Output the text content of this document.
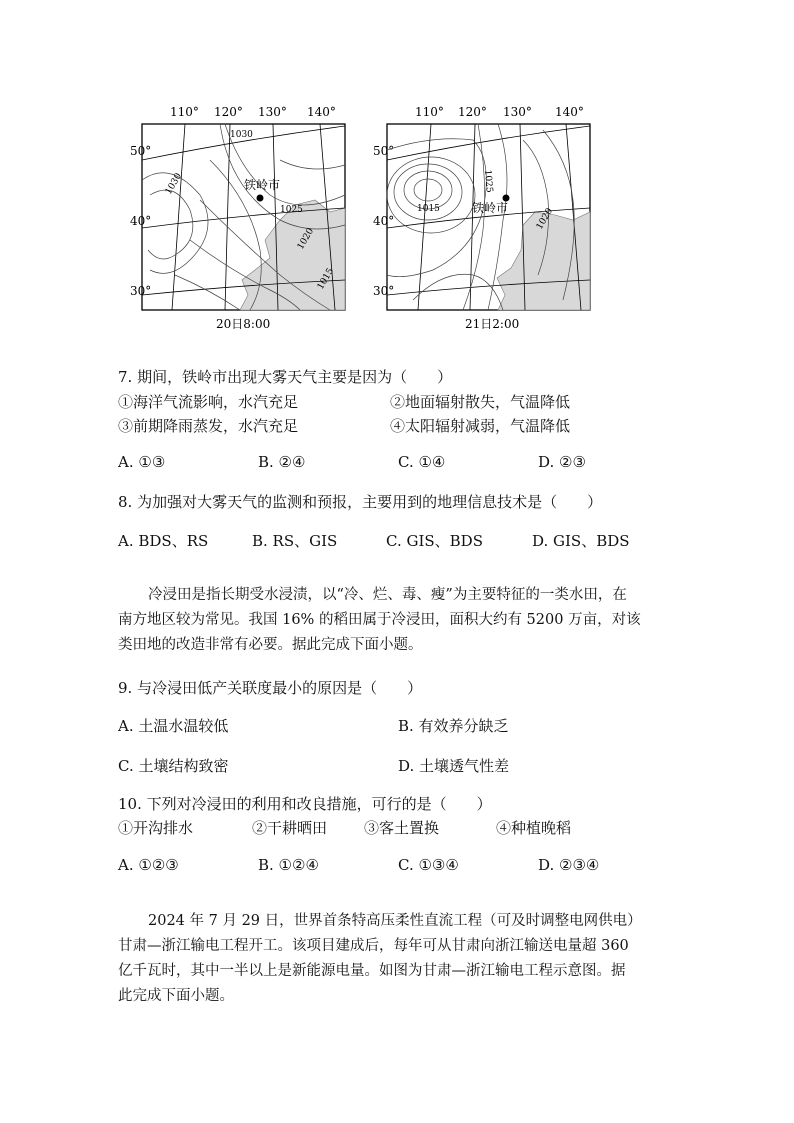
110° 120° 130° 140°
50°
40°
30°
1030
1030
1025
1020
1015
铁岭市
20日8:00
110° 120° 130° 140°
50°
40°
30°
1025
1015	1020
铁岭市
21日2:00
7. 期间，铁岭市出现大雾天气主要是因为（　　）
①海洋气流影响，水汽充足	②地面辐射散失，气温降低
③前期降雨蒸发，水汽充足	④太阳辐射减弱，气温降低
A. ①③	B. ②④	C. ①④	D. ②③
8. 为加强对大雾天气的监测和预报，主要用到的地理信息技术是（　　）
A. BDS、RS	B. RS、GIS	C. GIS、BDS	D. GIS、BDS
冷浸田是指长期受水浸渍，以“冷、烂、毒、瘦”为主要特征的一类水田，在
南方地区较为常见。我国 16% 的稻田属于冷浸田，面积大约有 5200 万亩，对该
类田地的改造非常有必要。据此完成下面小题。
9. 与冷浸田低产关联度最小的原因是（　　）
A. 土温水温较低	B. 有效养分缺乏
C. 土壤结构致密	D. 土壤透气性差
10. 下列对冷浸田的利用和改良措施，可行的是（　　）
①开沟排水	②干耕晒田 ③客土置换	④种植晚稻
A. ①②③	B. ①②④	C. ①③④	D. ②③④
2024 年 7 月 29 日，世界首条特高压柔性直流工程（可及时调整电网供电）
甘肃—浙江输电工程开工。该项目建成后，每年可从甘肃向浙江输送电量超 360
亿千瓦时，其中一半以上是新能源电量。如图为甘肃—浙江输电工程示意图。据
此完成下面小题。
